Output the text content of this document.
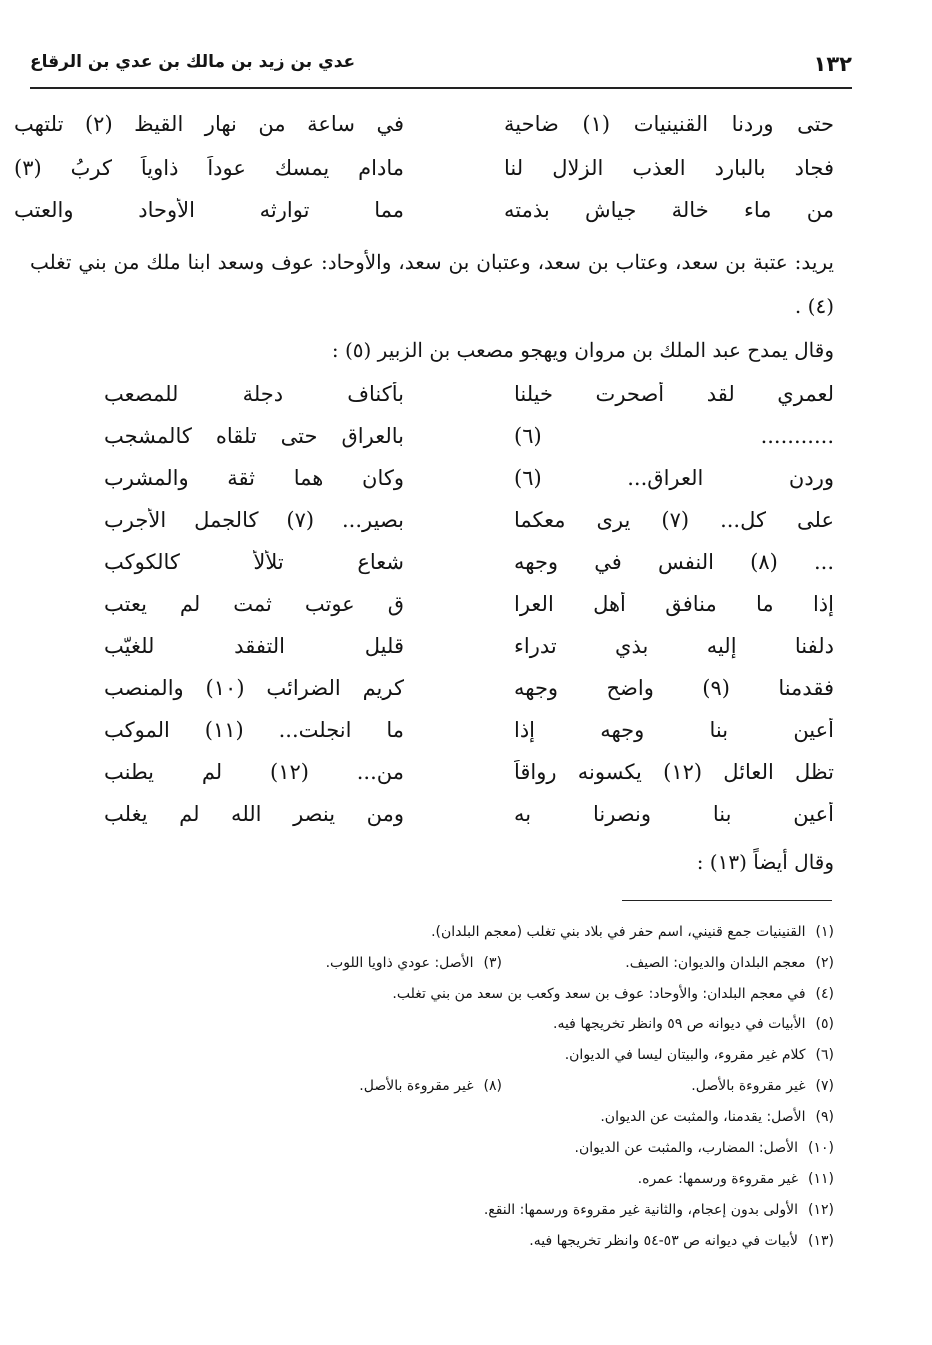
١٣٢
عدي بن زيد بن مالك بن عدي بن الرقاع
حتى وردنا القنينيات (١) ضاحية
في ساعة من نهار القيظ (٢) تلتهب
فجاد بالبارد العذب الزلال لنا
مادام يمسك عوداً ذاوياً كربُ (٣)
من ماء خالة جياش بذمته
مما توارثه الأوحاد والعتب
يريد: عتبة بن سعد، وعتاب بن سعد، وعتبان بن سعد، والأوحاد: عوف وسعد ابنا ملك من بني تغلب (٤) .
وقال يمدح عبد الملك بن مروان ويهجو مصعب بن الزبير (٥) :
لعمري لقد أصحرت خيلنا
بأكناف دجلة للمصعب
........... (٦)
بالعراق حتى تلقاه كالمشجب
وردن العراق... (٦)
وكان هما ثقة والمشرب
على كل... (٧) يرى معكما
بصير... (٧) كالجمل الأجرب
... (٨) النفس في وجهه
شعاع تلألأ كالكوكب
إذا ما منافق أهل العرا
ق عوتب ثمت لم يعتب
دلفنا إليه بذي تدراء
قليل التفقد للغيّب
فقدمنا (٩) واضح وجهه
كريم الضرائب (١٠) والمنصب
أعين بنا وجهه إذا
ما انجلت... (١١) الموكب
تظل العائل (١٢) يكسونه رواقاً
من... (١٢) لم يطنب
أعين بنا ونصرنا به
ومن ينصر الله لم يغلب
وقال أيضاً (١٣) :
(١)القنينيات جمع قنيني، اسم حفر في بلاد بني تغلب (معجم البلدان).
(٢)معجم البلدان والديوان: الصيف.
(٣)الأصل: عودي ذاويا اللوب.
(٤)في معجم البلدان: والأوحاد: عوف بن سعد وكعب بن سعد من بني تغلب.
(٥)الأبيات في ديوانه ص ٥٩ وانظر تخريجها فيه.
(٦)كلام غير مقروء، والبيتان ليسا في الديوان.
(٧)غير مقروءة بالأصل.
(٨)غير مقروءة بالأصل.
(٩)الأصل: يقدمنا، والمثبت عن الديوان.
(١٠)الأصل: المضارب، والمثبت عن الديوان.
(١١)غير مقروءة ورسمها: عمره.
(١٢)الأولى بدون إعجام، والثانية غير مقروءة ورسمها: النقع.
(١٣)لأبيات في ديوانه ص ٥٣-٥٤ وانظر تخريجها فيه.
